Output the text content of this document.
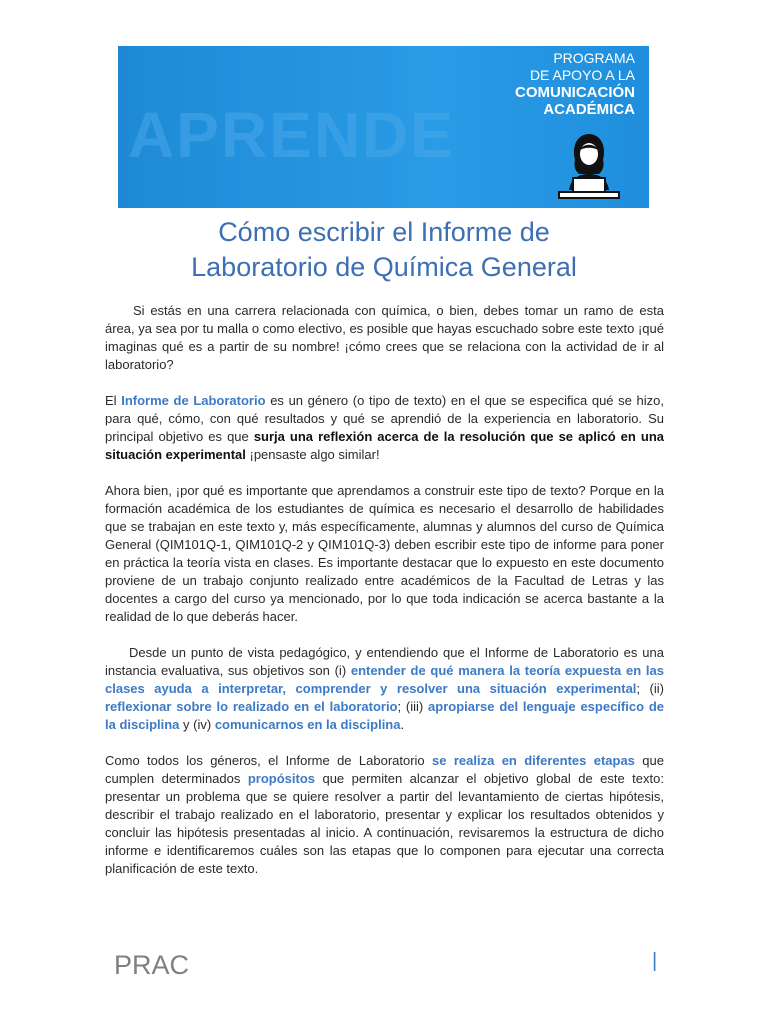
APRENDE
PROGRAMA
DE APOYO A LA
COMUNICACIÓN
ACADÉMICA
Cómo escribir el Informe de
Laboratorio de Química General

Si estás en una carrera relacionada con química, o bien, debes tomar un ramo de esta área, ya sea por tu malla o como electivo, es posible que hayas escuchado sobre este texto ¡qué imaginas qué es a partir de su nombre! ¡cómo crees que se relaciona con la actividad de ir al laboratorio?

El Informe de Laboratorio es un género (o tipo de texto) en el que se especifica qué se hizo, para qué, cómo, con qué resultados y qué se aprendió de la experiencia en laboratorio. Su principal objetivo es que surja una reflexión acerca de la resolución que se aplicó en una situación experimental ¡pensaste algo similar!

Ahora bien, ¡por qué es importante que aprendamos a construir este tipo de texto? Porque en la formación académica de los estudiantes de química es necesario el desarrollo de habilidades que se trabajan en este texto y, más específicamente, alumnas y alumnos del curso de Química General (QIM101Q-1, QIM101Q-2 y QIM101Q-3) deben escribir este tipo de informe para poner en práctica la teoría vista en clases. Es importante destacar que lo expuesto en este documento proviene de un trabajo conjunto realizado entre académicos de la Facultad de Letras y las docentes a cargo del curso ya mencionado, por lo que toda indicación se acerca bastante a la realidad de lo que deberás hacer.

Desde un punto de vista pedagógico, y entendiendo que el Informe de Laboratorio es una instancia evaluativa, sus objetivos son (i) entender de qué manera la teoría expuesta en las clases ayuda a interpretar, comprender y resolver una situación experimental; (ii) reflexionar sobre lo realizado en el laboratorio; (iii) apropiarse del lenguaje específico de la disciplina y (iv) comunicarnos en la disciplina.

Como todos los géneros, el Informe de Laboratorio se realiza en diferentes etapas que cumplen determinados propósitos que permiten alcanzar el objetivo global de este texto: presentar un problema que se quiere resolver a partir del levantamiento de ciertas hipótesis, describir el trabajo realizado en el laboratorio, presentar y explicar los resultados obtenidos y concluir las hipótesis presentadas al inicio. A continuación, revisaremos la estructura de dicho informe e identificaremos cuáles son las etapas que lo componen para ejecutar una correcta planificación de este texto.

PRAC	|
